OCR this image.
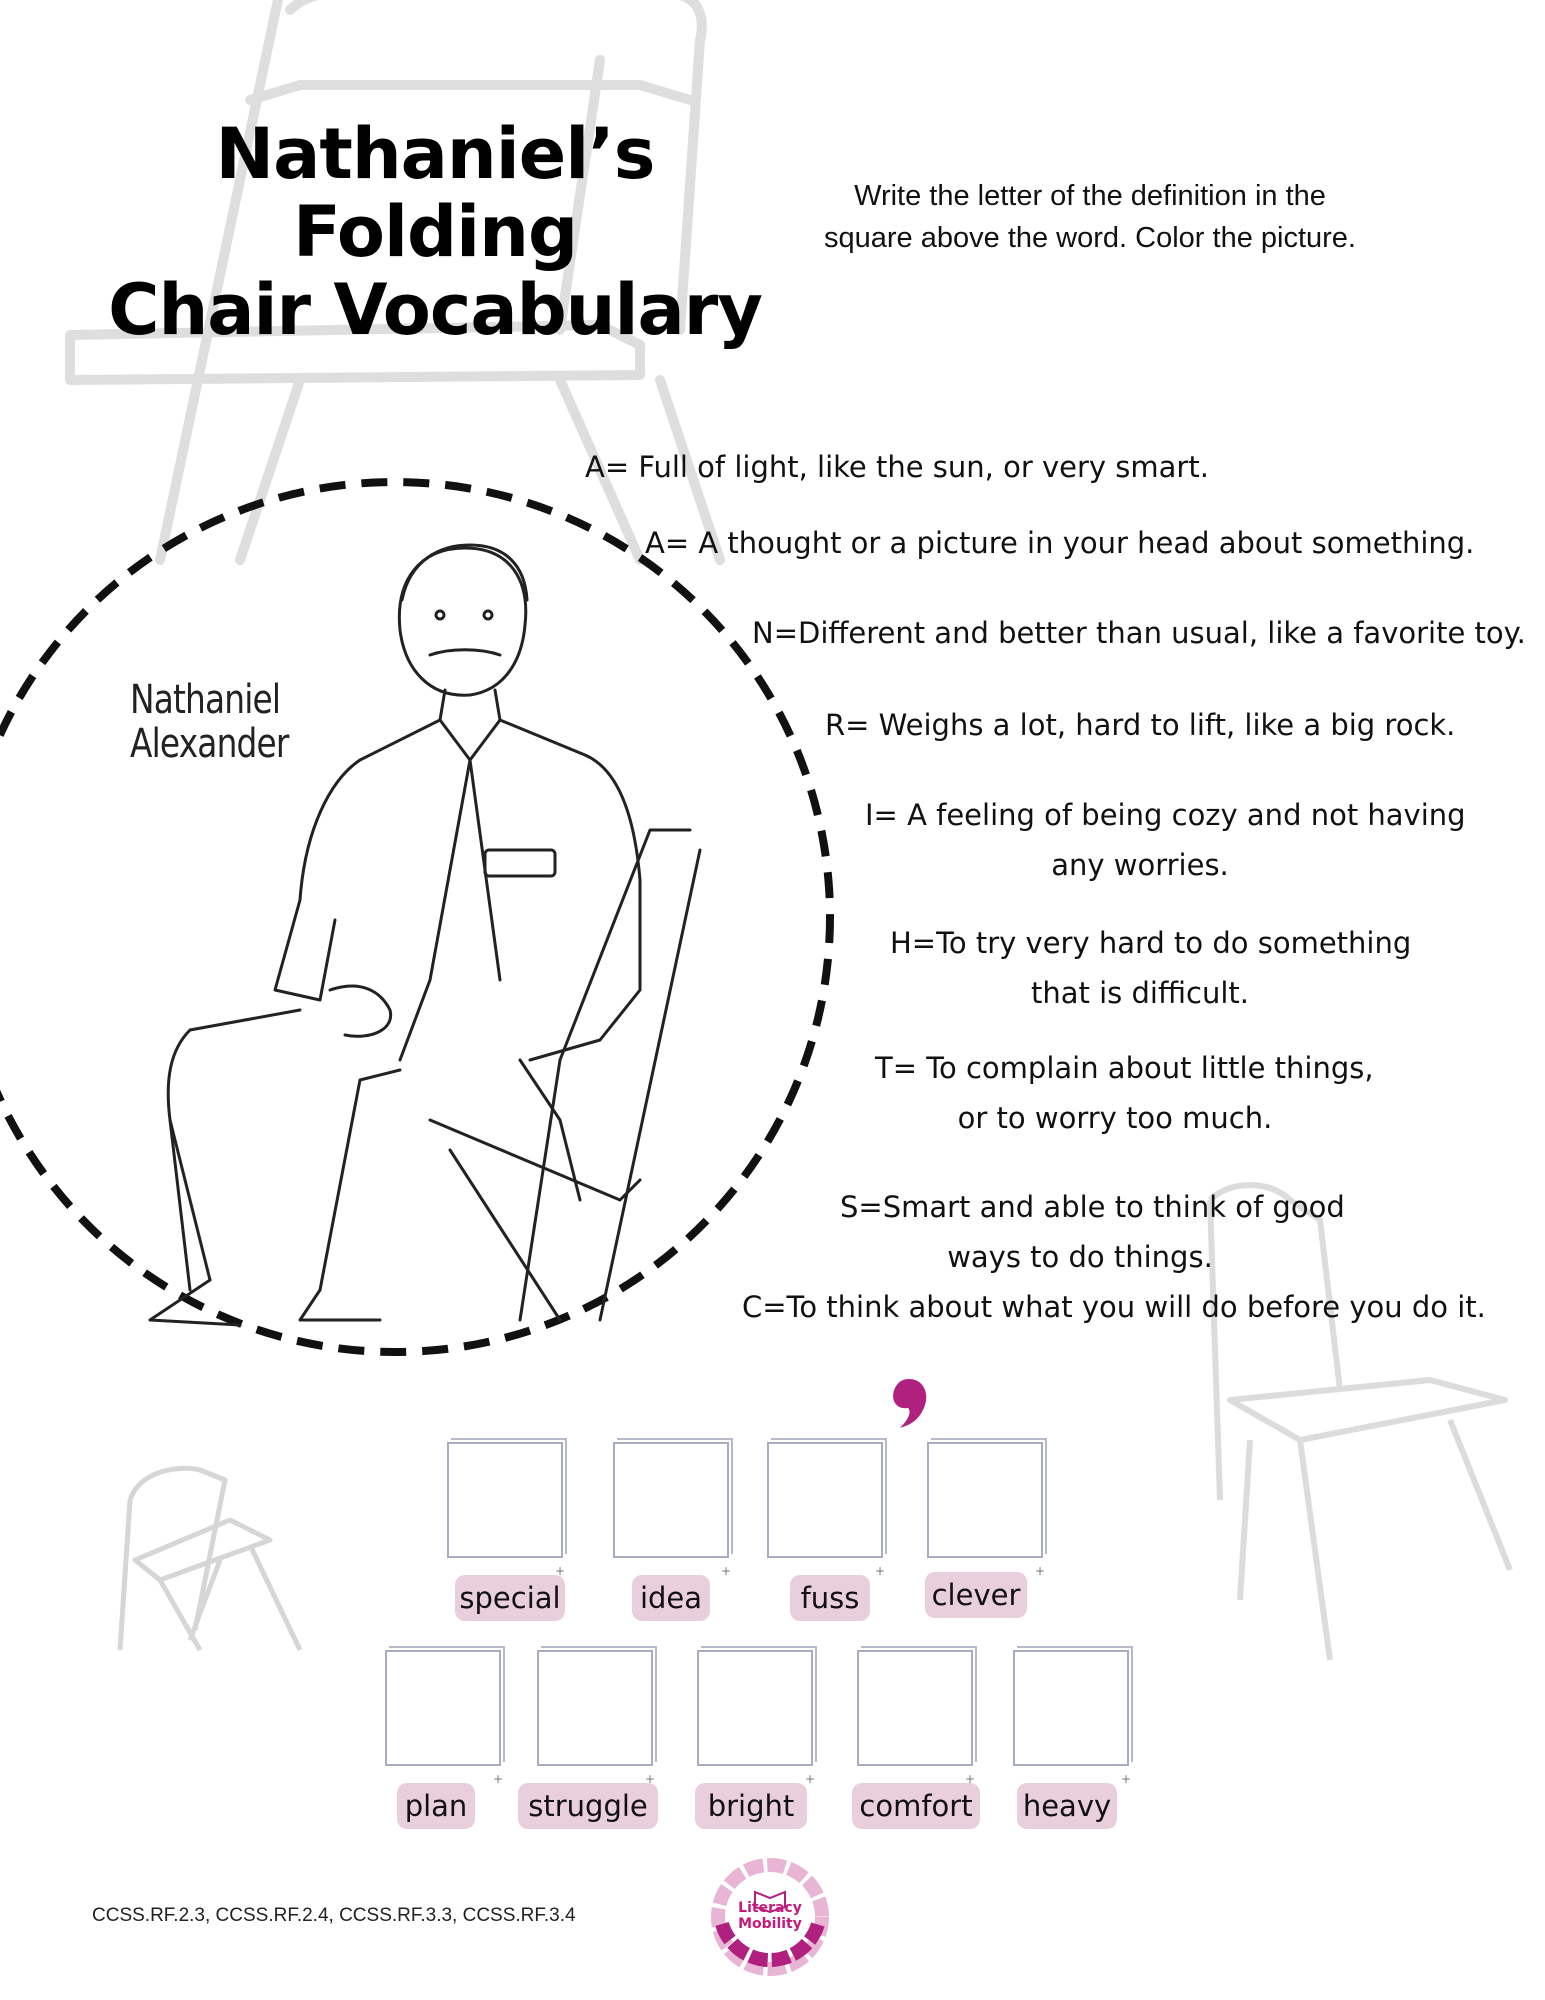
Nathaniel’s Folding
Chair Vocabulary
Write the letter of the definition in the
square above the word. Color the picture.
Nathaniel
Alexander
A= Full of light, like the sun, or very smart.
A= A thought or a picture in your head about something.
N=Different and better than usual, like a favorite toy.
R= Weighs a lot, hard to lift, like a big rock.
I= A feeling of being cozy and not having
any worries.
H=To try very hard to do something
that is difficult.
T= To complain about little things,
or to worry too much.
S=Smart and able to think of good
ways to do things.
C=To think about what you will do before you do it.
+
+
+
+
special	idea	fuss	clever
+
+
+
+
+
plan	struggle	bright	comfort heavy
CCSS.RF.2.3, CCSS.RF.2.4, CCSS.RF.3.3, CCSS.RF.3.4	Literacy Mobility
